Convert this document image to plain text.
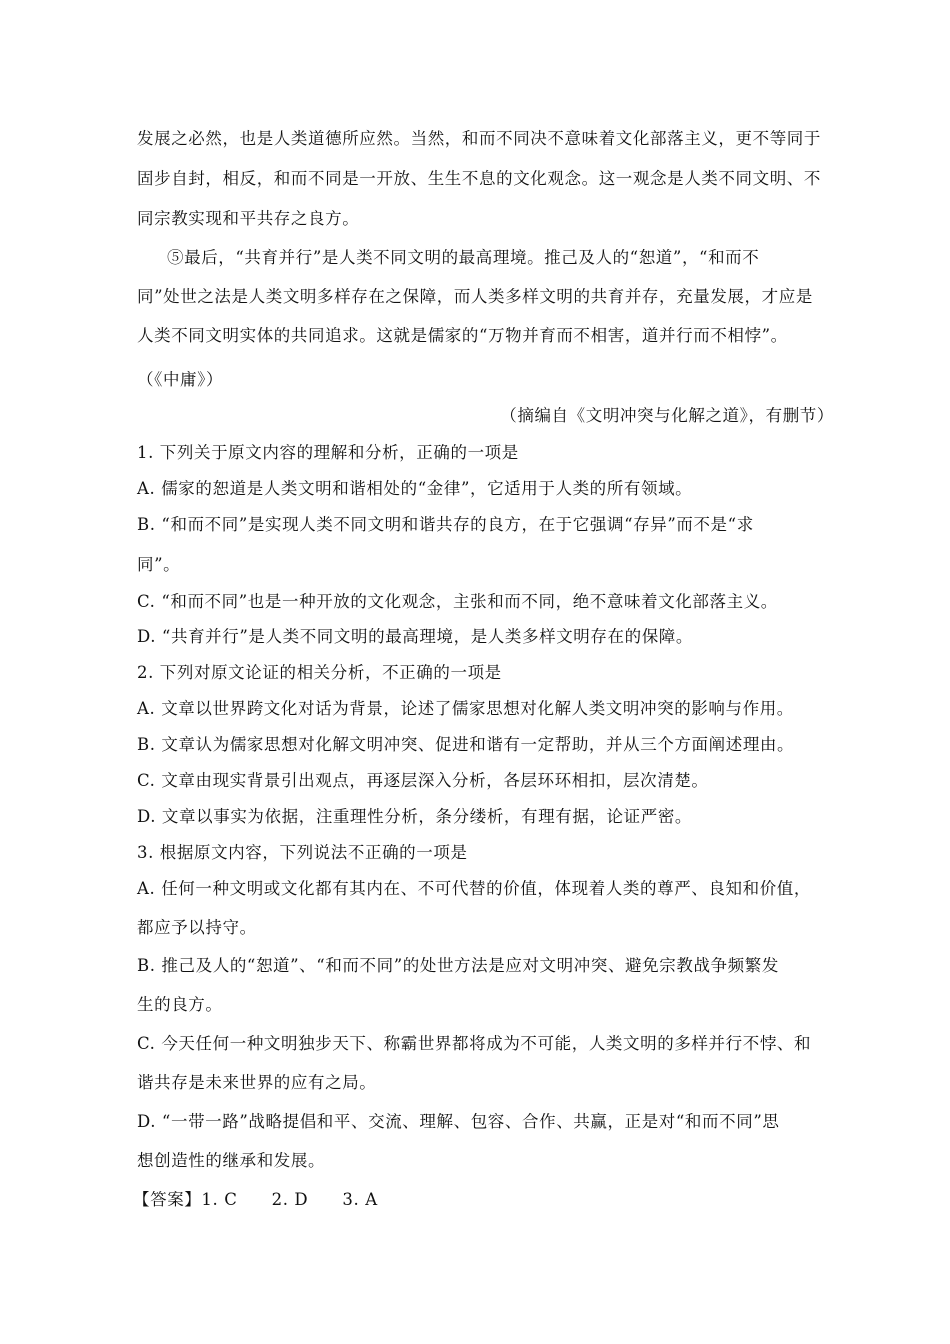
发展之必然，也是人类道德所应然。当然，和而不同决不意味着文化部落主义，更不等同于
固步自封，相反，和而不同是一开放、生生不息的文化观念。这一观念是人类不同文明、不
同宗教实现和平共存之良方。
⑤最后，“共育并行”是人类不同文明的最高理境。推己及人的“恕道”，“和而不
同”处世之法是人类文明多样存在之保障，而人类多样文明的共育并存，充量发展，才应是
人类不同文明实体的共同追求。这就是儒家的“万物并育而不相害，道并行而不相悖”。
（《中庸》）
（摘编自《文明冲突与化解之道》，有删节）
1. 下列关于原文内容的理解和分析，正确的一项是
A. 儒家的恕道是人类文明和谐相处的“金律”，它适用于人类的所有领域。
B. “和而不同”是实现人类不同文明和谐共存的良方，在于它强调“存异”而不是“求
同”。
C. “和而不同”也是一种开放的文化观念，主张和而不同，绝不意味着文化部落主义。
D. “共育并行”是人类不同文明的最高理境，是人类多样文明存在的保障。
2. 下列对原文论证的相关分析，不正确的一项是
A. 文章以世界跨文化对话为背景，论述了儒家思想对化解人类文明冲突的影响与作用。
B. 文章认为儒家思想对化解文明冲突、促进和谐有一定帮助，并从三个方面阐述理由。
C. 文章由现实背景引出观点，再逐层深入分析，各层环环相扣，层次清楚。
D. 文章以事实为依据，注重理性分析，条分缕析，有理有据，论证严密。
3. 根据原文内容，下列说法不正确的一项是
A. 任何一种文明或文化都有其内在、不可代替的价值，体现着人类的尊严、良知和价值，
都应予以持守。
B. 推己及人的“恕道”、“和而不同”的处世方法是应对文明冲突、避免宗教战争频繁发
生的良方。
C. 今天任何一种文明独步天下、称霸世界都将成为不可能，人类文明的多样并行不悖、和
谐共存是未来世界的应有之局。
D. “一带一路”战略提倡和平、交流、理解、包容、合作、共赢，正是对“和而不同”思
想创造性的继承和发展。
【答案】1. C　　2. D　　3. A
